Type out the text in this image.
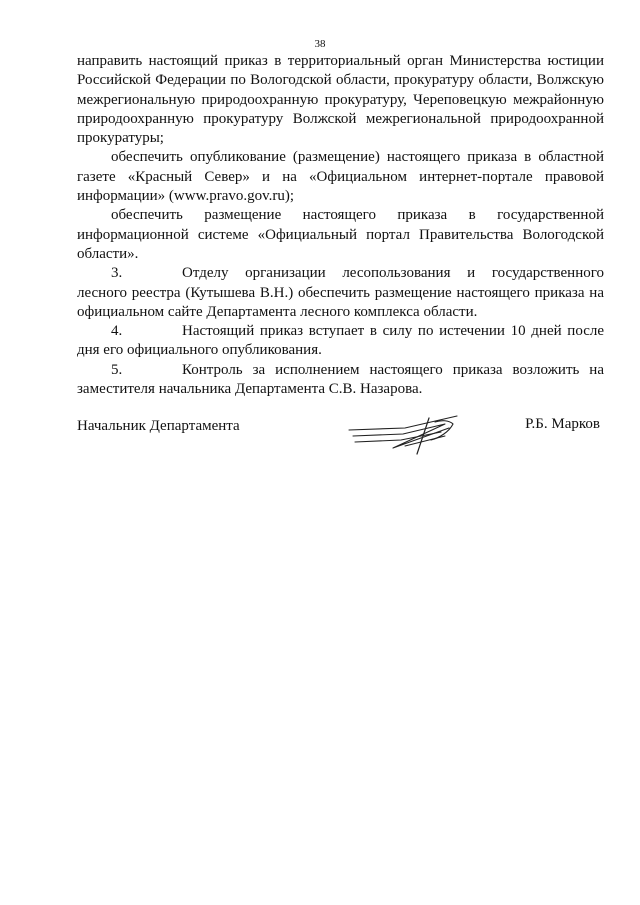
38

направить настоящий приказ в территориальный орган Министерства юстиции Российской Федерации по Вологодской области, прокуратуру области, Волжскую межрегиональную природоохранную прокуратуру, Череповецкую межрайонную природоохранную прокуратуру Волжской межрегиональной природоохранной прокуратуры;

обеспечить опубликование (размещение) настоящего приказа в областной газете «Красный Север» и на «Официальном интернет-портале правовой информации» (www.pravo.gov.ru);

обеспечить размещение настоящего приказа в государственной информационной системе «Официальный портал Правительства Вологодской области».

3.	Отделу организации лесопользования и государственного лесного реестра (Кутышева В.Н.) обеспечить размещение настоящего приказа на официальном сайте Департамента лесного комплекса области.

4.	Настоящий приказ вступает в силу по истечении 10 дней после дня его официального опубликования.

5.	Контроль за исполнением настоящего приказа возложить на заместителя начальника Департамента С.В. Назарова.

Начальник Департамента	Р.Б. Марков
